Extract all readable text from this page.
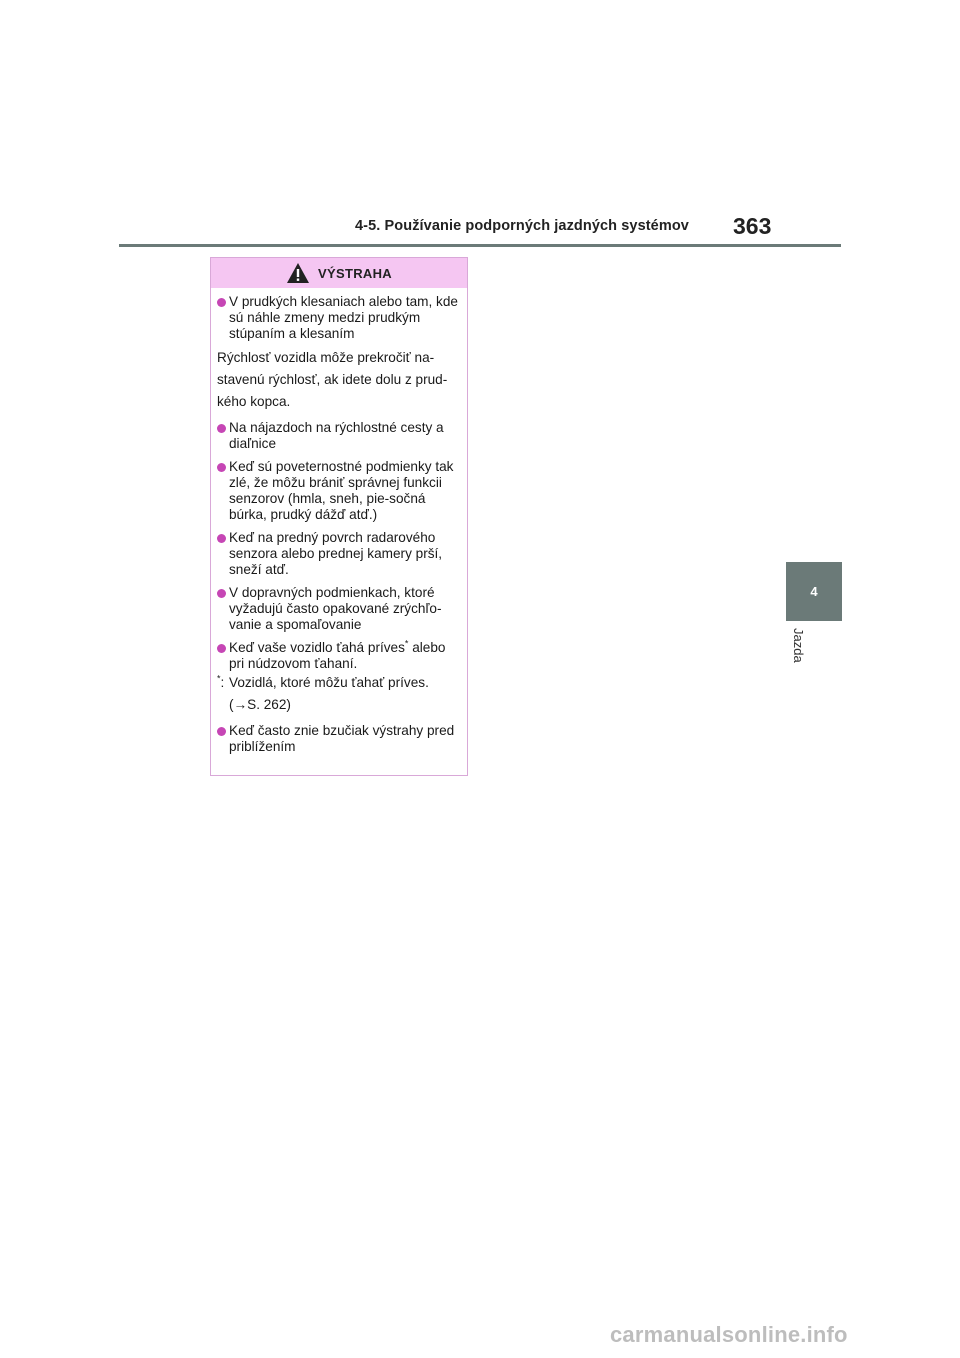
4-5. Používanie podporných jazdných systémov 363
4
Jazda
VÝSTRAHA
V prudkých klesaniach alebo tam, kde sú náhle zmeny medzi prudkým stúpaním a klesaním
Rýchlosť vozidla môže prekročiť na-stavenú rýchlosť, ak idete dolu z prud-kého kopca.
Na nájazdoch na rýchlostné cesty a diaľnice
Keď sú poveternostné podmienky tak zlé, že môžu brániť správnej funkcii senzorov (hmla, sneh, pie-sočná búrka, prudký dážď atď.)
Keď na predný povrch radarového senzora alebo prednej kamery prší, sneží atď.
V dopravných podmienkach, ktoré vyžadujú často opakované zrýchľo-vanie a spomaľovanie
Keď vaše vozidlo ťahá príves* alebo pri núdzovom ťahaní.
*: Vozidlá, ktoré môžu ťahať príves.
(→S. 262)
Keď často znie bzučiak výstrahy pred priblížením
carmanualsonline.info
